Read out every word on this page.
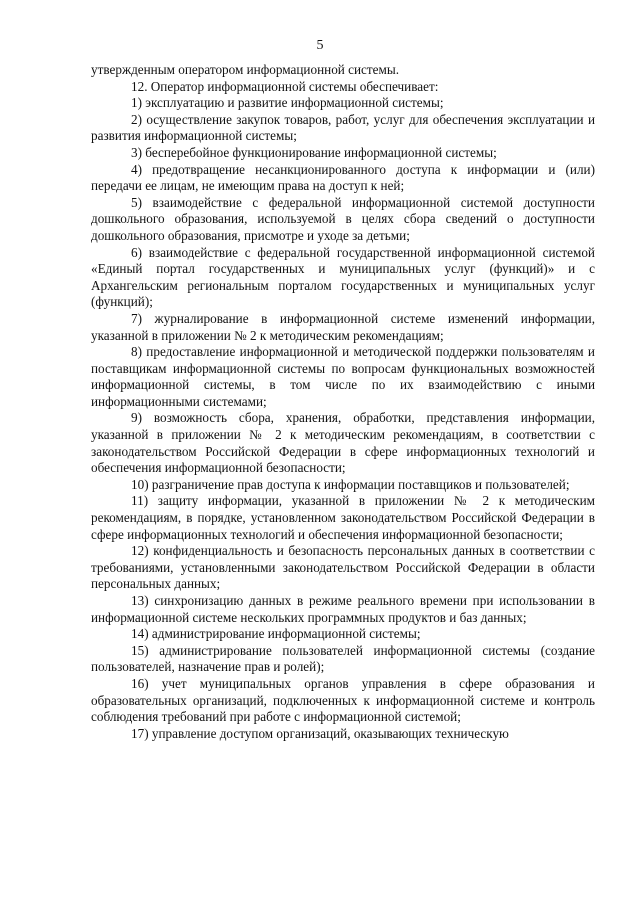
5

утвержденным оператором информационной системы.

12. Оператор информационной системы обеспечивает:

1) эксплуатацию и развитие информационной системы;

2) осуществление закупок товаров, работ, услуг для обеспечения эксплуатации и развития информационной системы;

3) бесперебойное функционирование информационной системы;

4) предотвращение несанкционированного доступа к информации и (или) передачи ее лицам, не имеющим права на доступ к ней;

5) взаимодействие с федеральной информационной системой доступности дошкольного образования, используемой в целях сбора сведений о доступности дошкольного образования, присмотре и уходе за детьми;

6) взаимодействие с федеральной государственной информационной системой «Единый портал государственных и муниципальных услуг (функций)» и с Архангельским региональным порталом государственных и муниципальных услуг (функций);

7) журналирование в информационной системе изменений информации, указанной в приложении № 2 к методическим рекомендациям;

8) предоставление информационной и методической поддержки пользователям и поставщикам информационной системы по вопросам функциональных возможностей информационной системы, в том числе по их взаимодействию с иными информационными системами;

9) возможность сбора, хранения, обработки, представления информации, указанной в приложении № 2 к методическим рекомендациям, в соответствии с законодательством Российской Федерации в сфере информационных технологий и обеспечения информационной безопасности;

10) разграничение прав доступа к информации поставщиков и пользователей;

11) защиту информации, указанной в приложении № 2 к методическим рекомендациям, в порядке, установленном законодательством Российской Федерации в сфере информационных технологий и обеспечения информационной безопасности;

12) конфиденциальность и безопасность персональных данных в соответствии с требованиями, установленными законодательством Российской Федерации в области персональных данных;

13) синхронизацию данных в режиме реального времени при использовании в информационной системе нескольких программных продуктов и баз данных;

14) администрирование информационной системы;

15) администрирование пользователей информационной системы (создание пользователей, назначение прав и ролей);

16) учет муниципальных органов управления в сфере образования и образовательных организаций, подключенных к информационной системе и контроль соблюдения требований при работе с информационной системой;

17) управление доступом организаций, оказывающих техническую
